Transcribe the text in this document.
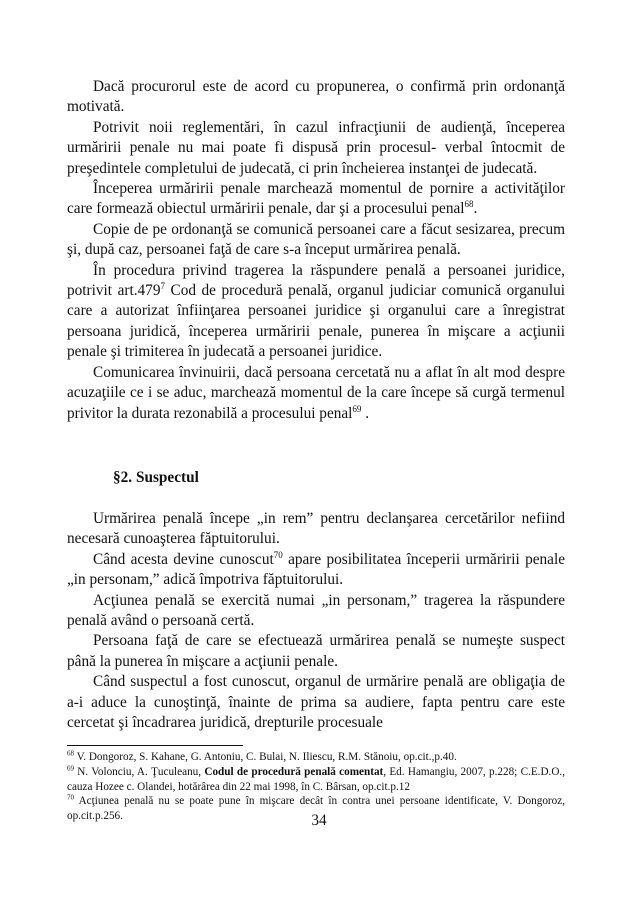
Dacă procurorul este de acord cu propunerea, o confirmă prin ordonanţă motivată.

Potrivit noii reglementări, în cazul infracţiunii de audienţă, începerea urmăririi penale nu mai poate fi dispusă prin procesul- verbal întocmit de preşedintele completului de judecată, ci prin încheierea instanţei de judecată.

Începerea urmăririi penale marchează momentul de pornire a activităţilor care formează obiectul urmăririi penale, dar şi a procesului penal$^{68}$.

Copie de pe ordonanţă se comunică persoanei care a făcut sesizarea, precum şi, după caz, persoanei faţă de care s-a început urmărirea penală.

În procedura privind tragerea la răspundere penală a persoanei juridice, potrivit art.479$^7$ Cod de procedură penală, organul judiciar comunică organului care a autorizat înfiinţarea persoanei juridice şi organului care a înregistrat persoana juridică, începerea urmăririi penale, punerea în mişcare a acţiunii penale şi trimiterea în judecată a persoanei juridice.

Comunicarea învinuirii, dacă persoana cercetată nu a aflat în alt mod despre acuzaţiile ce i se aduc, marchează momentul de la care începe să curgă termenul privitor la durata rezonabilă a procesului penal$^{69}$ .

§2. Suspectul

Urmărirea penală începe „in rem” pentru declanşarea cercetărilor nefiind necesară cunoaşterea făptuitorului.

Când acesta devine cunoscut$^{70}$ apare posibilitatea începerii urmăririi penale „in personam,” adică împotriva făptuitorului.

Acţiunea penală se exercită numai „in personam,” tragerea la răspundere penală având o persoană certă.

Persoana faţă de care se efectuează urmărirea penală se numeşte suspect până la punerea în mişcare a acţiunii penale.

Când suspectul a fost cunoscut, organul de urmărire penală are obligaţia de a-i aduce la cunoştinţă, înainte de prima sa audiere, fapta pentru care este cercetat şi încadrarea juridică, drepturile procesuale

$^{68}$ V. Dongoroz, S. Kahane, G. Antoniu, C. Bulai, N. Iliescu, R.M. Stănoiu, op.cit.,p.40.

$^{69}$ N. Volonciu, A. Ţuculeanu, Codul de procedură penală comentat, Ed. Hamangiu, 2007, p.228; C.E.D.O., cauza Hozee c. Olandei, hotărârea din 22 mai 1998, în C. Bârsan, op.cit.p.12

$^{70}$ Acţiunea penală nu se poate pune în mişcare decât în contra unei persoane identificate, V. Dongoroz, op.cit.p.256.	34
